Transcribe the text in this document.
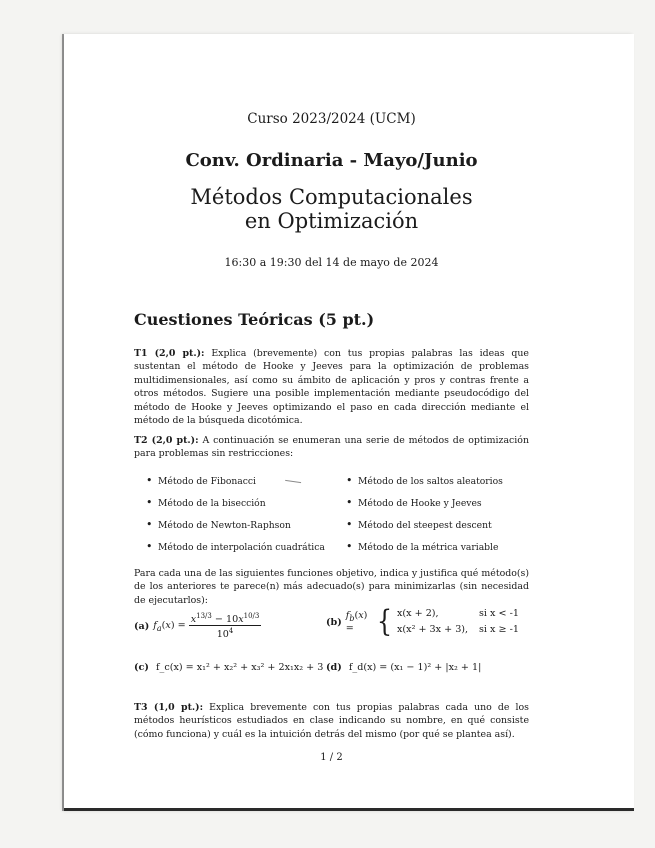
Curso 2023/2024 (UCM)
Conv. Ordinaria - Mayo/Junio
Métodos Computacionales
en Optimización
16:30 a 19:30 del 14 de mayo de 2024
Cuestiones Teóricas (5 pt.)
T1 (2,0 pt.): Explica (brevemente) con tus propias palabras las ideas que sustentan el método de Hooke y Jeeves para la optimización de problemas multidimensionales, así como su ámbito de aplicación y pros y contras frente a otros métodos. Sugiere una posible implementación mediante pseudocódigo del método de Hooke y Jeeves optimizando el paso en cada dirección mediante el método de la búsqueda dicotómica.
T2 (2,0 pt.): A continuación se enumeran una serie de métodos de optimización para problemas sin restricciones:
• Método de Fibonacci
• Método de la bisección
• Método de Newton-Raphson
• Método de interpolación cuadrática
• Método de los saltos aleatorios
• Método de Hooke y Jeeves
• Método del steepest descent
• Método de la métrica variable
Para cada una de las siguientes funciones objetivo, indica y justifica qué método(s) de los anteriores te parece(n) más adecuado(s) para minimizarlas (sin necesidad de ejecutarlos):
(a) $f_a(x) = \frac{x^{13/3} - 10x^{10/3}}{10^4}$	(b)
$f_b(x)$ = { x(x + 2),	si x < -1
x(x² + 3x + 3),	si x ≥ -1
(c) f_c(x) = x₁² + x₂² + x₃² + 2x₁x₂ + 3 (d) f_d(x) = (x₁ − 1)² + |x₂ + 1|
T3 (1,0 pt.): Explica brevemente con tus propias palabras cada uno de los métodos heurísticos estudiados en clase indicando su nombre, en qué consiste (cómo funciona) y cuál es la intuición detrás del mismo (por qué se plantea así).
1 / 2
